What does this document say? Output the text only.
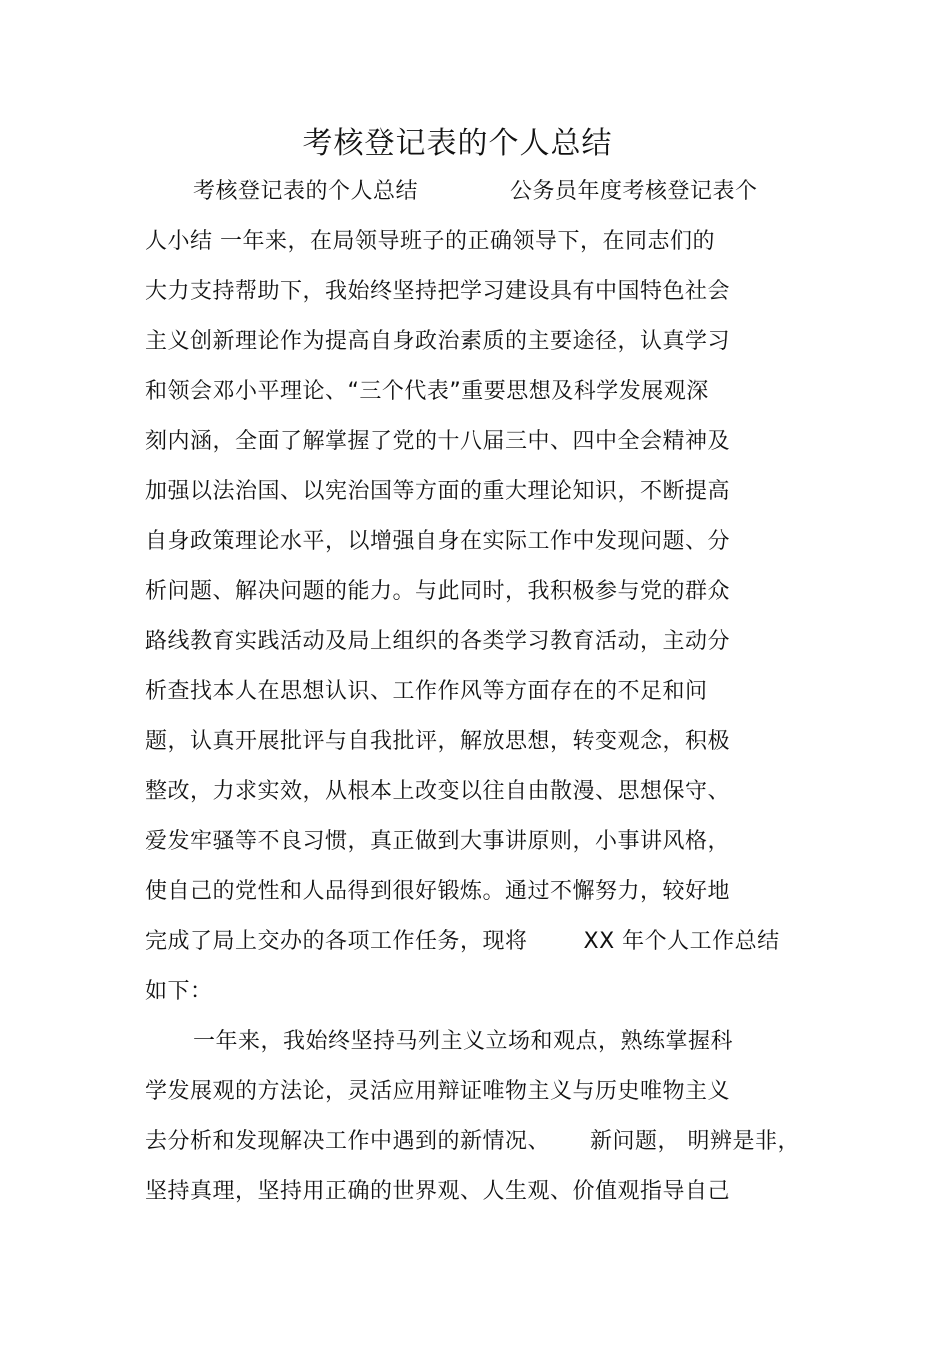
考核登记表的个人总结
考核登记表的个人总结	公务员年度考核登记表个
人小结 一年来，在局领导班子的正确领导下，在同志们的
大力支持帮助下，我始终坚持把学习建设具有中国特色社会
主义创新理论作为提高自身政治素质的主要途径，认真学习
和领会邓小平理论、“三个代表”重要思想及科学发展观深
刻内涵，全面了解掌握了党的十八届三中、四中全会精神及
加强以法治国、以宪治国等方面的重大理论知识，不断提高
自身政策理论水平，以增强自身在实际工作中发现问题、分
析问题、解决问题的能力。与此同时，我积极参与党的群众
路线教育实践活动及局上组织的各类学习教育活动，主动分
析查找本人在思想认识、工作作风等方面存在的不足和问
题，认真开展批评与自我批评，解放思想，转变观念，积极
整改，力求实效，从根本上改变以往自由散漫、思想保守、
爱发牢骚等不良习惯，真正做到大事讲原则，小事讲风格，
使自己的党性和人品得到很好锻炼。通过不懈努力，较好地
完成了局上交办的各项工作任务，现将	XX 年个人工作总结
如下：
一年来，我始终坚持马列主义立场和观点，熟练掌握科
学发展观的方法论，灵活应用辩证唯物主义与历史唯物主义
去分析和发现解决工作中遇到的新情况、 新问题， 明辨是非，
坚持真理，坚持用正确的世界观、人生观、价值观指导自己
